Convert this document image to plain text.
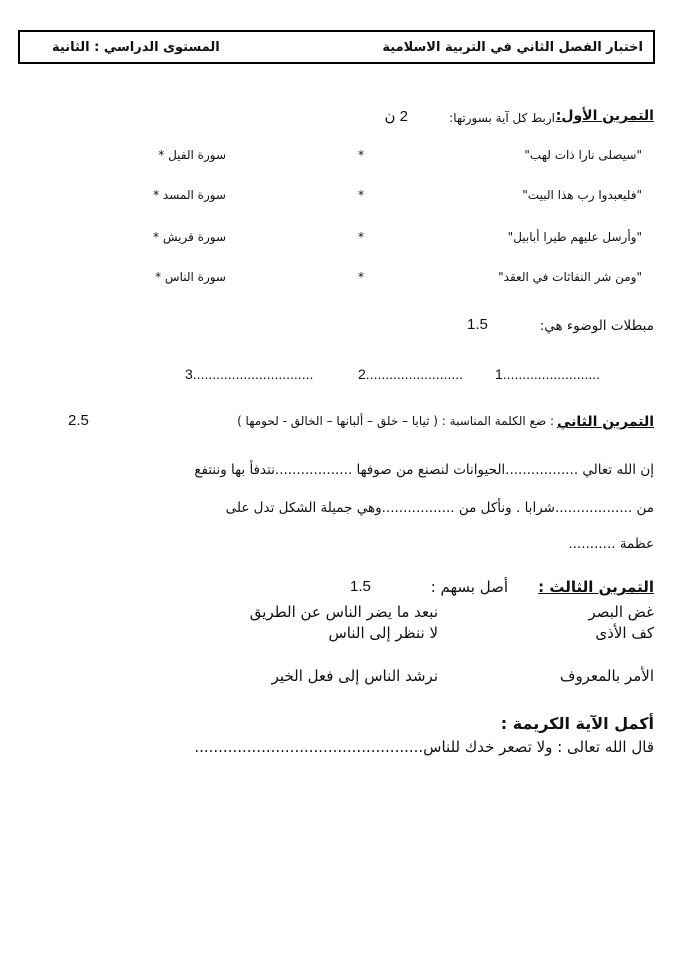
اختبار الفصل الثاني في التربية الاسلامية
المستوى الدراسي : الثانية
التمرين الأول:
اربط كل آية بسورتها:
2 ن
"سيصلى نارا ذات لهب"
"فليعبدوا رب هذا البيت"
"وأرسل عليهم طيرا أبابيل"
"ومن شر النفاثات في العقد"
*
*
*
*
سورة الفيل *
سورة المسد *
سورة قريش *
سورة الناس *
مبطلات الوضوء هي:
1.5
1.........................
2.........................
3...............................
التمرين الثاني
: ضع الكلمة المناسبة : ( ثيابا – خلق – ألبانها – الخالق - لحومها )
2.5
إن الله تعالي .................الحيوانات لنصنع من صوفها ..................نتدفأ بها وننتفع
من ..................شرابا . ونأكل من .................وهي جميلة الشكل تدل على
عظمة ...........
التمرين الثالث :
أصل بسهم :
1.5
غض البصر
كف الأذى
الأمر بالمعروف
نبعد ما يضر الناس عن الطريق
لا ننظر إلى الناس
نرشد الناس إلى فعل الخير
أكمل الآية الكريمة :
قال الله تعالى : ولا تصعر خدك للناس................................................
